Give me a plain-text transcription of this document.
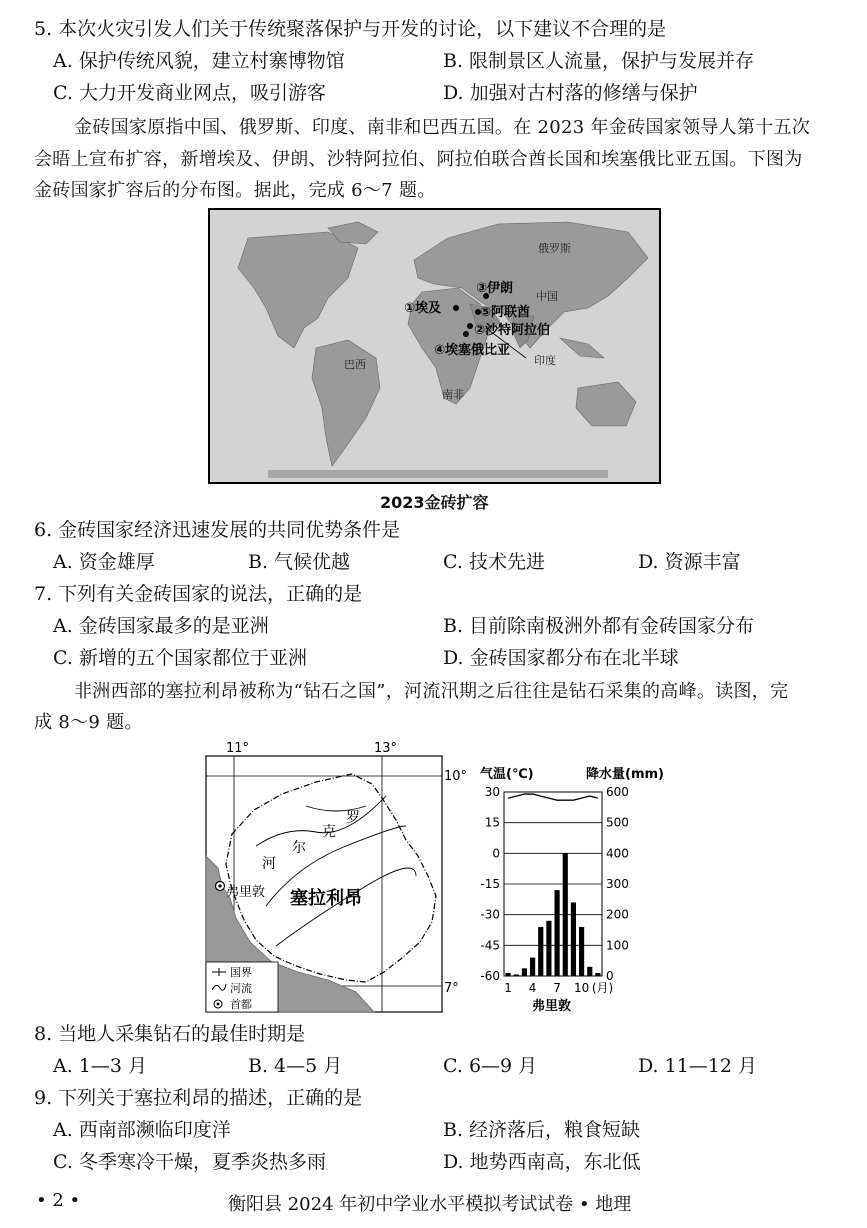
5. 本次火灾引发人们关于传统聚落保护与开发的讨论，以下建议不合理的是
A. 保护传统风貌，建立村寨博物馆	B. 限制景区人流量，保护与发展并存
C. 大力开发商业网点，吸引游客	D. 加强对古村落的修缮与保护
金砖国家原指中国、俄罗斯、印度、南非和巴西五国。在 2023 年金砖国家领导人第十五次
会晤上宣布扩容，新增埃及、伊朗、沙特阿拉伯、阿拉伯联合酋长国和埃塞俄比亚五国。下图为
金砖国家扩容后的分布图。据此，完成 6～7 题。
俄罗斯
中国
印度
巴西
南非
①埃及
③伊朗
⑤阿联酋
②沙特阿拉伯
④埃塞俄比亚
2023金砖扩容
6. 金砖国家经济迅速发展的共同优势条件是
A. 资金雄厚	B. 气候优越	C. 技术先进	D. 资源丰富
7. 下列有关金砖国家的说法，正确的是
A. 金砖国家最多的是亚洲	B. 目前除南极洲外都有金砖国家分布
C. 新增的五个国家都位于亚洲	D. 金砖国家都分布在北半球
非洲西部的塞拉利昂被称为“钻石之国”，河流汛期之后往往是钻石采集的高峰。读图，完
成 8～9 题。
11°	13°
10°
7°
弗里敦
罗
克
尔
河
塞拉利昂
国界
河流
首都
气温(℃)	降水量(mm)
30
15
0
-15
-30
-45
-60
600
500
400
300
200
100
0
1 4 7 10 (月)
弗里敦
8. 当地人采集钻石的最佳时期是
A. 1—3 月	B. 4—5 月	C. 6—9 月	D. 11—12 月
9. 下列关于塞拉利昂的描述，正确的是
A. 西南部濒临印度洋	B. 经济落后，粮食短缺
C. 冬季寒冷干燥，夏季炎热多雨	D. 地势西南高，东北低
• 2 •	衡阳县 2024 年初中学业水平模拟考试试卷 • 地理
